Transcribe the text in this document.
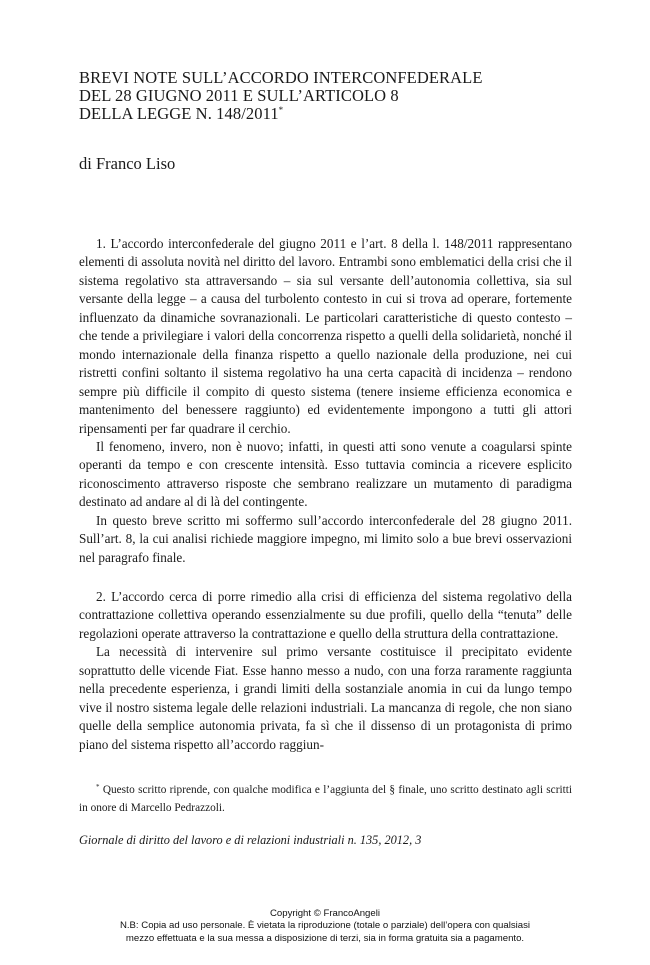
BREVI NOTE SULL’ACCORDO INTERCONFEDERALE
DEL 28 GIUGNO 2011 E SULL’ARTICOLO 8
DELLA LEGGE N. 148/2011*
di Franco Liso

1. L’accordo interconfederale del giugno 2011 e l’art. 8 della l. 148/2011 rappresentano elementi di assoluta novità nel diritto del lavoro. Entrambi sono emblematici della crisi che il sistema regolativo sta attraversando – sia sul versante dell’autonomia collettiva, sia sul versante della legge – a causa del turbolento contesto in cui si trova ad operare, fortemente influenzato da dinamiche sovranazionali. Le particolari caratteristiche di questo contesto – che tende a privilegiare i valori della concorrenza rispetto a quelli della solidarietà, nonché il mondo internazionale della finanza rispetto a quello nazionale della produzione, nei cui ristretti confini soltanto il sistema regolativo ha una certa capacità di incidenza – rendono sempre più difficile il compito di questo sistema (tenere insieme efficienza economica e mantenimento del benessere raggiunto) ed evidentemente impongono a tutti gli attori ripensamenti per far quadrare il cerchio.

Il fenomeno, invero, non è nuovo; infatti, in questi atti sono venute a coagularsi spinte operanti da tempo e con crescente intensità. Esso tuttavia comincia a ricevere esplicito riconoscimento attraverso risposte che sembrano realizzare un mutamento di paradigma destinato ad andare al di là del contingente.

In questo breve scritto mi soffermo sull’accordo interconfederale del 28 giugno 2011. Sull’art. 8, la cui analisi richiede maggiore impegno, mi limito solo a bue brevi osservazioni nel paragrafo finale.

2. L’accordo cerca di porre rimedio alla crisi di efficienza del sistema regolativo della contrattazione collettiva operando essenzialmente su due profili, quello della “tenuta” delle regolazioni operate attraverso la contrattazione e quello della struttura della contrattazione.

La necessità di intervenire sul primo versante costituisce il precipitato evidente soprattutto delle vicende Fiat. Esse hanno messo a nudo, con una forza raramente raggiunta nella precedente esperienza, i grandi limiti della sostanziale anomia in cui da lungo tempo vive il nostro sistema legale delle relazioni industriali. La mancanza di regole, che non siano quelle della semplice autonomia privata, fa sì che il dissenso di un protagonista di primo piano del sistema rispetto all’accordo raggiun-

* Questo scritto riprende, con qualche modifica e l’aggiunta del § finale, uno scritto destinato agli scritti in onore di Marcello Pedrazzoli.

Giornale di diritto del lavoro e di relazioni industriali n. 135, 2012, 3
Copyright © FrancoAngeli
N.B: Copia ad uso personale. È vietata la riproduzione (totale o parziale) dell’opera con qualsiasi
mezzo effettuata e la sua messa a disposizione di terzi, sia in forma gratuita sia a pagamento.
